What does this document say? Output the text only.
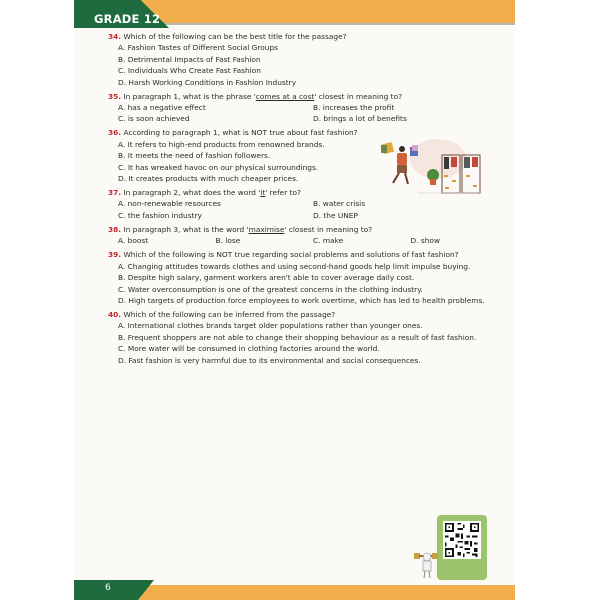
GRADE 12
34. Which of the following can be the best title for the passage?
A. Fashion Tastes of Different Social Groups
B. Detrimental Impacts of Fast Fashion
C. Individuals Who Create Fast Fashion
D. Harsh Working Conditions in Fashion Industry
35. In paragraph 1, what is the phrase 'comes at a cost' closest in meaning to?
A. has a negative effect	B. increases the profit
C. is soon achieved	D. brings a lot of benefits
36. According to paragraph 1, what is NOT true about fast fashion?
A. It refers to high-end products from renowned brands.
B. It meets the need of fashion followers.
C. It has wreaked havoc on our physical surroundings.
D. It creates products with much cheaper prices.
37. In paragraph 2, what does the word 'it' refer to?
A. non-renewable resources	B. water crisis
C. the fashion industry	D. the UNEP
38. In paragraph 3, what is the word 'maximise' closest in meaning to?
A. boost	B. lose	C. make	D. show
39. Which of the following is NOT true regarding social problems and solutions of fast fashion?
A. Changing attitudes towards clothes and using second-hand goods help limit impulse buying.
B. Despite high salary, garment workers aren't able to cover average daily cost.
C. Water overconsumption is one of the greatest concerns in the clothing industry.
D. High targets of production force employees to work overtime, which has led to health problems.
40. Which of the following can be inferred from the passage?
A. International clothes brands target older populations rather than younger ones.
B. Frequent shoppers are not able to change their shopping behaviour as a result of fast fashion.
C. More water will be consumed in clothing factories around the world.
D. Fast fashion is very harmful due to its environmental and social consequences.
6
